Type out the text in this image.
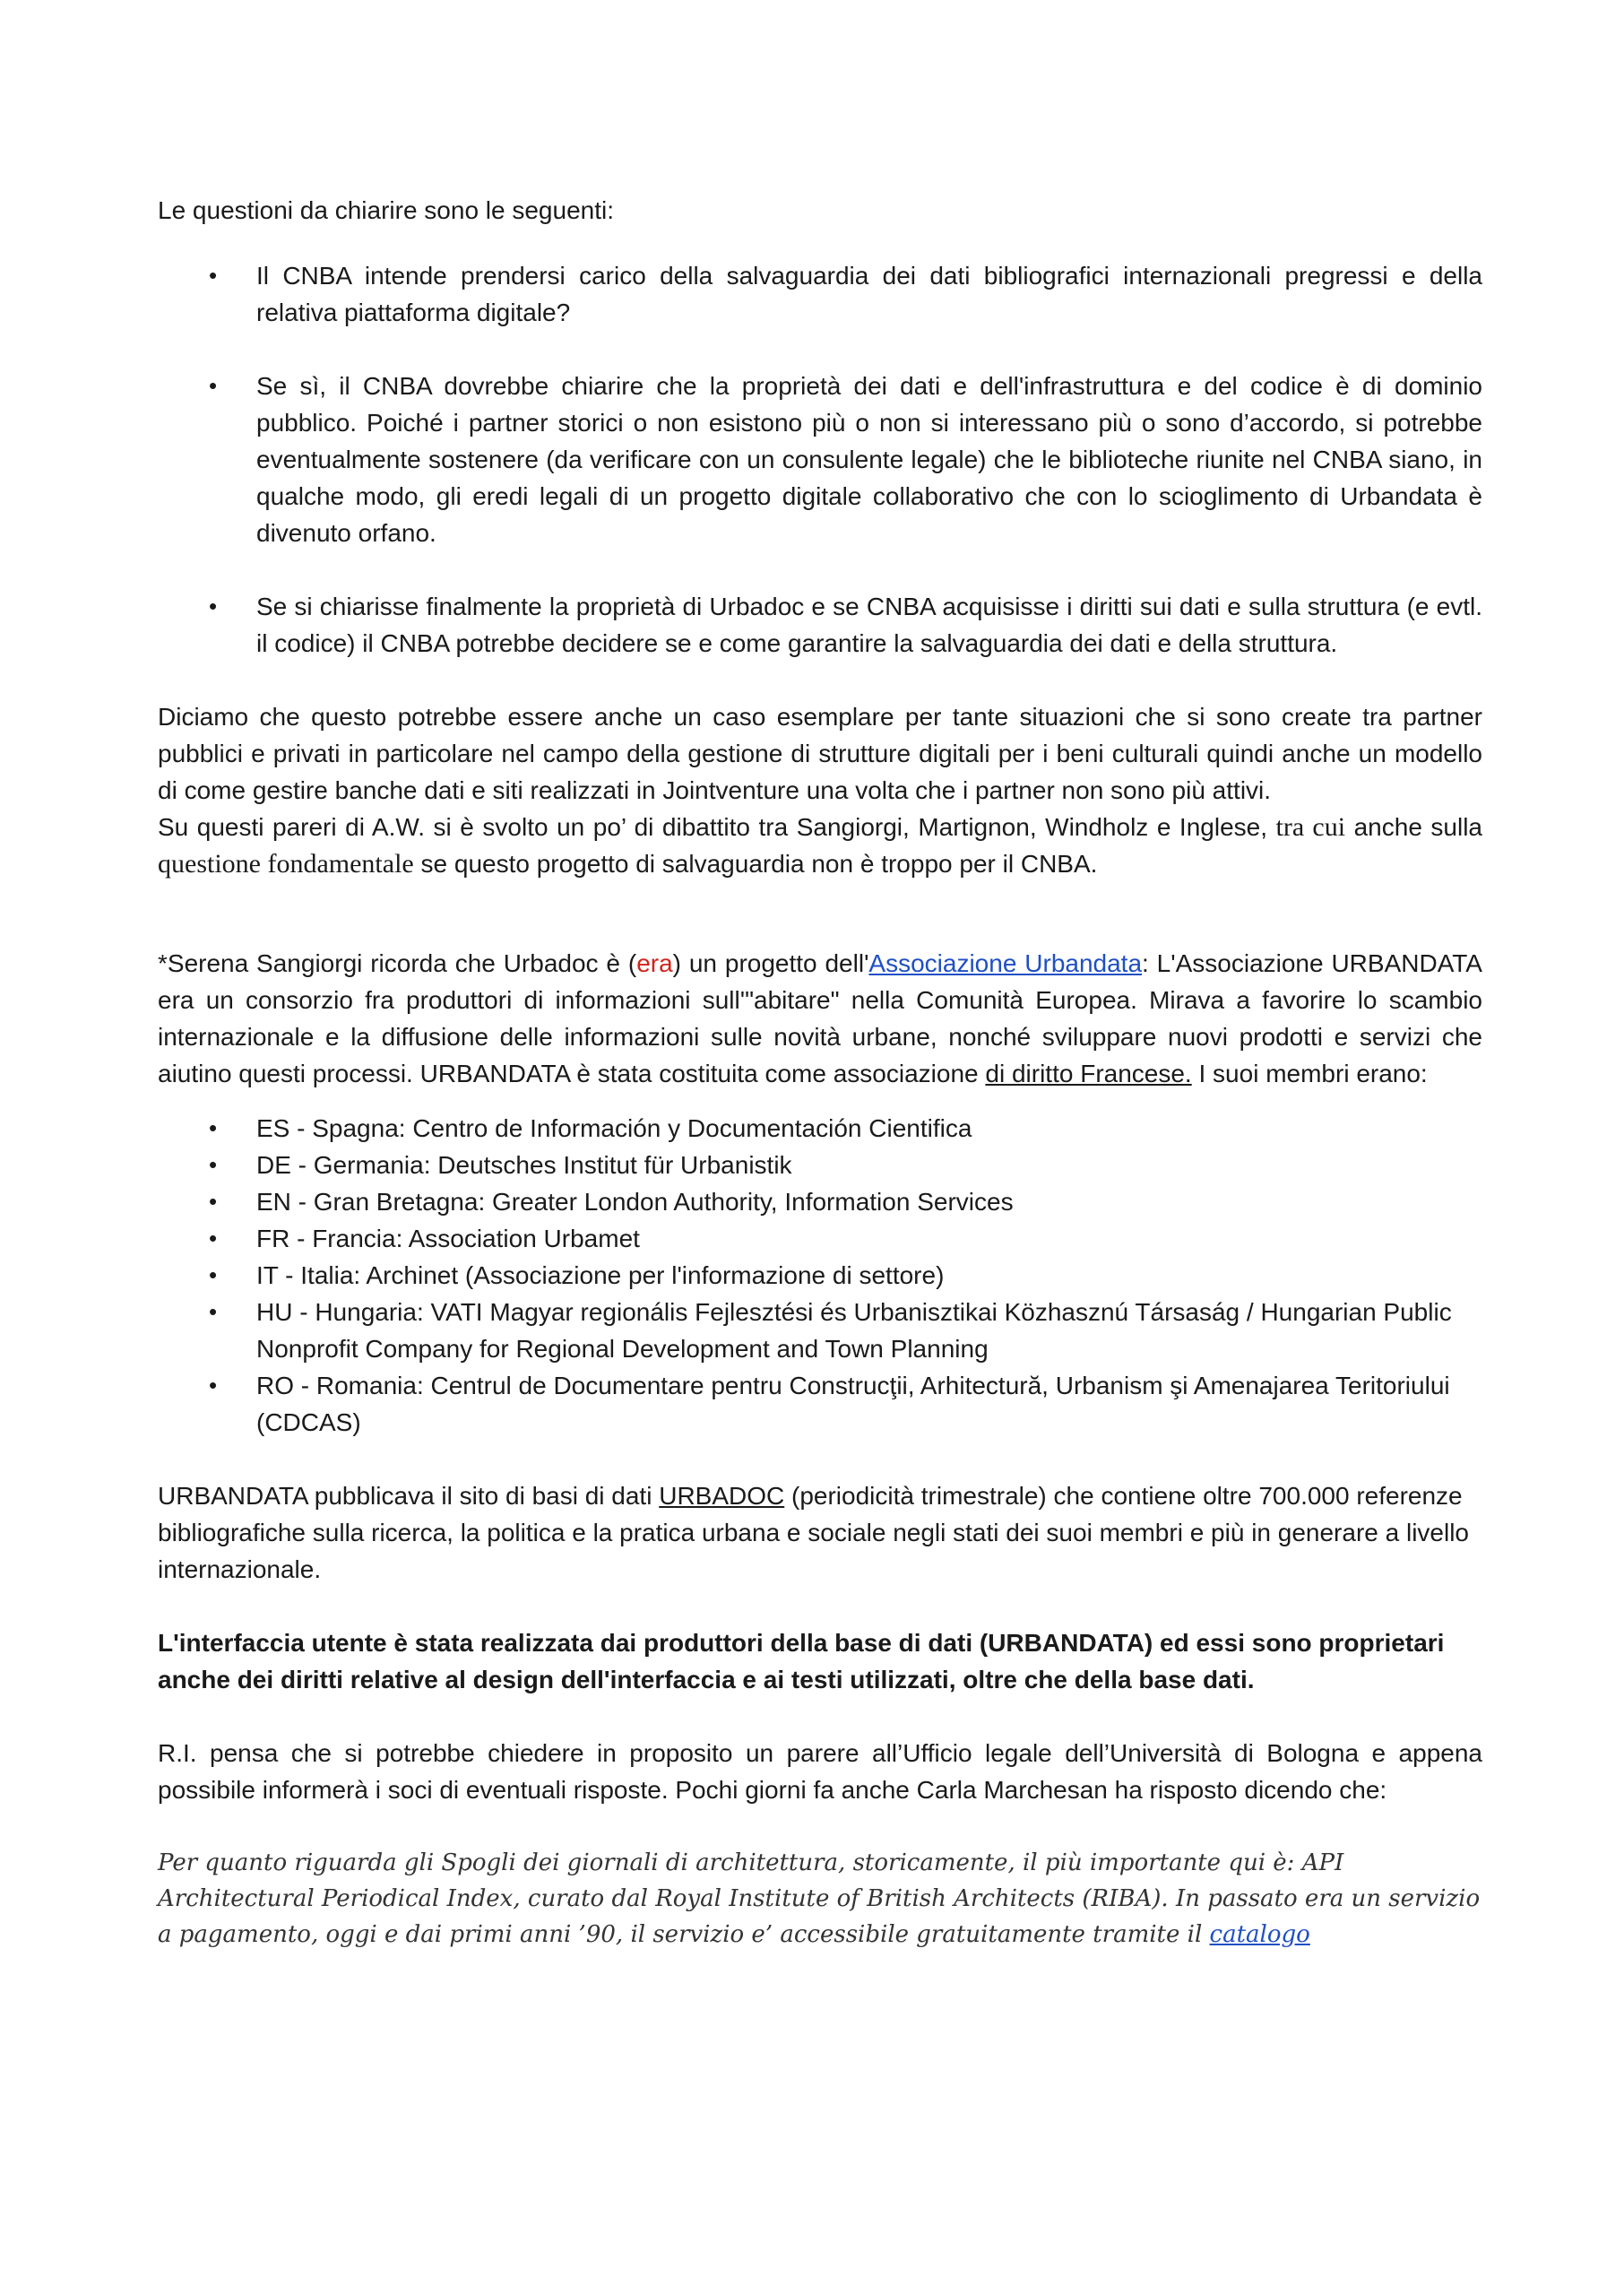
Le questioni da chiarire sono le seguenti:

• Il CNBA intende prendersi carico della salvaguardia dei dati bibliografici internazionali pregressi e della relativa piattaforma digitale?
• Se sì, il CNBA dovrebbe chiarire che la proprietà dei dati e dell'infrastruttura e del codice è di dominio pubblico. Poiché i partner storici o non esistono più o non si interessano più o sono d’accordo, si potrebbe eventualmente sostenere (da verificare con un consulente legale) che le biblioteche riunite nel CNBA siano, in qualche modo, gli eredi legali di un progetto digitale collaborativo che con lo scioglimento di Urbandata è divenuto orfano.
• Se si chiarisse finalmente la proprietà di Urbadoc e se CNBA acquisisse i diritti sui dati e sulla struttura (e evtl. il codice) il CNBA potrebbe decidere se e come garantire la salvaguardia dei dati e della struttura.

Diciamo che questo potrebbe essere anche un caso esemplare per tante situazioni che si sono create tra partner pubblici e privati in particolare nel campo della gestione di strutture digitali per i beni culturali quindi anche un modello di come gestire banche dati e siti realizzati in Jointventure una volta che i partner non sono più attivi.

Su questi pareri di A.W. si è svolto un po’ di dibattito tra Sangiorgi, Martignon, Windholz e Inglese, tra cui anche sulla questione fondamentale se questo progetto di salvaguardia non è troppo per il CNBA.

*Serena Sangiorgi ricorda che Urbadoc è (era) un progetto dell'Associazione Urbandata: L'Associazione URBANDATA era un consorzio fra produttori di informazioni sull'"abitare" nella Comunità Europea. Mirava a favorire lo scambio internazionale e la diffusione delle informazioni sulle novità urbane, nonché sviluppare nuovi prodotti e servizi che aiutino questi processi. URBANDATA è stata costituita come associazione di diritto Francese. I suoi membri erano:

• ES - Spagna: Centro de Información y Documentación Cientifica
• DE - Germania: Deutsches Institut für Urbanistik
• EN - Gran Bretagna: Greater London Authority, Information Services
• FR - Francia: Association Urbamet
• IT - Italia: Archinet (Associazione per l'informazione di settore)
• HU - Hungaria: VATI Magyar regionális Fejlesztési és Urbanisztikai Közhasznú Társaság / Hungarian Public Nonprofit Company for Regional Development and Town Planning
• RO - Romania: Centrul de Documentare pentru Construcţii, Arhitectură, Urbanism şi Amenajarea Teritoriului (CDCAS)

URBANDATA pubblicava il sito di basi di dati URBADOC (periodicità trimestrale) che contiene oltre 700.000 referenze bibliografiche sulla ricerca, la politica e la pratica urbana e sociale negli stati dei suoi membri e più in generare a livello internazionale.

L'interfaccia utente è stata realizzata dai produttori della base di dati (URBANDATA) ed essi sono proprietari anche dei diritti relative al design dell'interfaccia e ai testi utilizzati, oltre che della base dati.

R.I. pensa che si potrebbe chiedere in proposito un parere all’Ufficio legale dell’Università di Bologna e appena possibile informerà i soci di eventuali risposte. Pochi giorni fa anche Carla Marchesan ha risposto dicendo che:

Per quanto riguarda gli Spogli dei giornali di architettura, storicamente, il più importante qui è: API Architectural Periodical Index, curato dal Royal Institute of British Architects (RIBA). In passato era un servizio a pagamento, oggi e dai primi anni ’90, il servizio e’ accessibile gratuitamente tramite il catalogo
